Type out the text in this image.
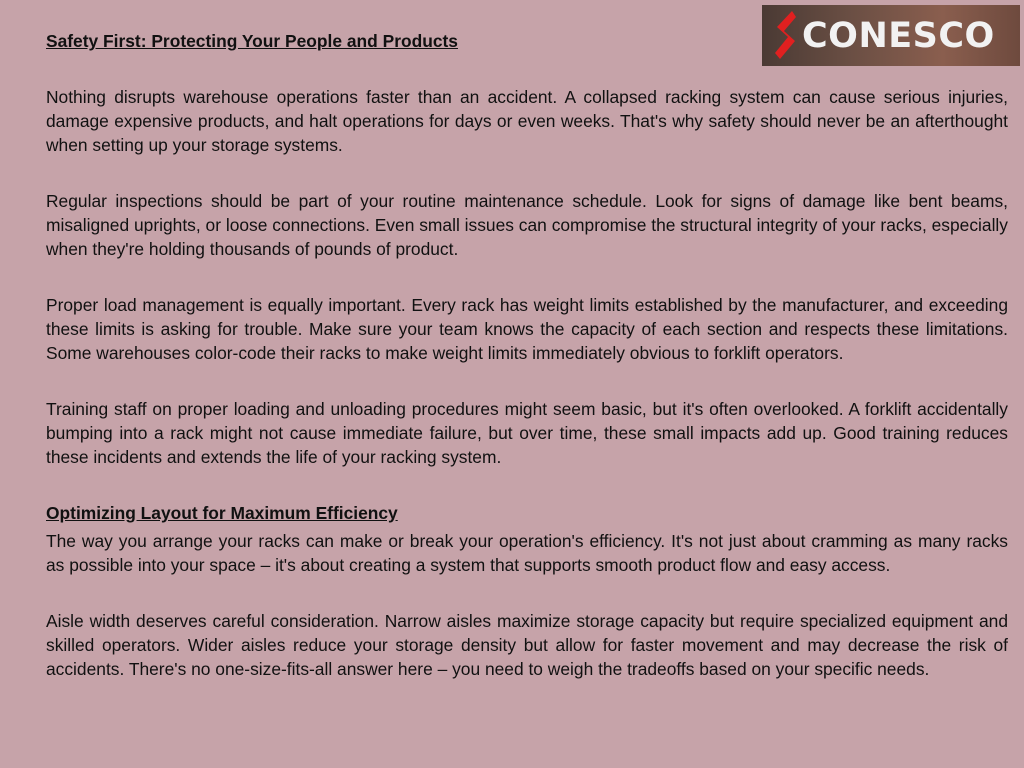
CONESCO
Safety First: Protecting Your People and Products

Nothing disrupts warehouse operations faster than an accident. A collapsed racking system can cause serious injuries, damage expensive products, and halt operations for days or even weeks. That's why safety should never be an afterthought when setting up your storage systems.

Regular inspections should be part of your routine maintenance schedule. Look for signs of damage like bent beams, misaligned uprights, or loose connections. Even small issues can compromise the structural integrity of your racks, especially when they're holding thousands of pounds of product.

Proper load management is equally important. Every rack has weight limits established by the manufacturer, and exceeding these limits is asking for trouble. Make sure your team knows the capacity of each section and respects these limitations. Some warehouses color-code their racks to make weight limits immediately obvious to forklift operators.

Training staff on proper loading and unloading procedures might seem basic, but it's often overlooked. A forklift accidentally bumping into a rack might not cause immediate failure, but over time, these small impacts add up. Good training reduces these incidents and extends the life of your racking system.

Optimizing Layout for Maximum Efficiency

The way you arrange your racks can make or break your operation's efficiency. It's not just about cramming as many racks as possible into your space – it's about creating a system that supports smooth product flow and easy access.

Aisle width deserves careful consideration. Narrow aisles maximize storage capacity but require specialized equipment and skilled operators. Wider aisles reduce your storage density but allow for faster movement and may decrease the risk of accidents. There's no one-size-fits-all answer here – you need to weigh the tradeoffs based on your specific needs.
